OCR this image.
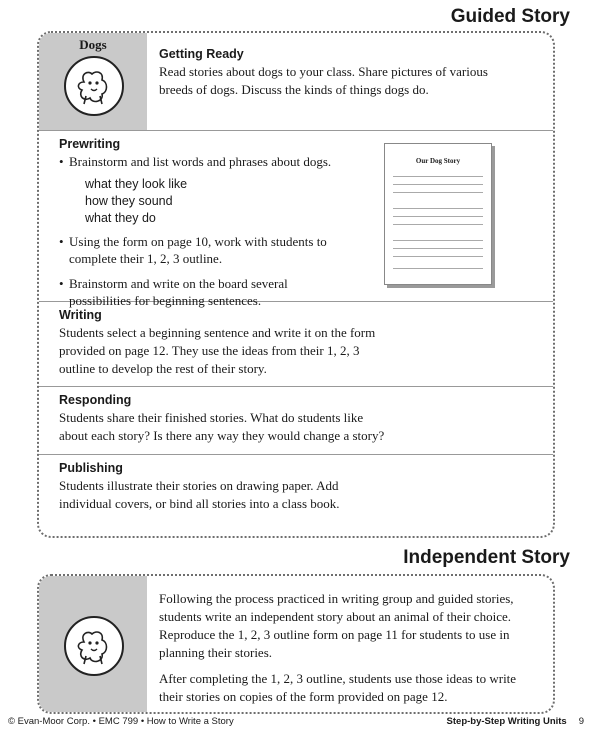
Guided Story
Dogs
Getting Ready

Read stories about dogs to your class. Share pictures of various breeds of dogs. Discuss the kinds of things dogs do.

Prewriting
• Brainstorm and list words and phrases about dogs.
what they look like
how they sound
what they do
• Using the form on page 10, work with students to complete their 1, 2, 3 outline.
• Brainstorm and write on the board several possibilities for beginning sentences.
Our Dog Story
Writing

Students select a beginning sentence and write it on the form provided on page 12. They use the ideas from their 1, 2, 3 outline to develop the rest of their story.

Responding

Students share their finished stories. What do students like about each story? Is there any way they would change a story?

Publishing

Students illustrate their stories on drawing paper. Add individual covers, or bind all stories into a class book.

Independent Story

Following the process practiced in writing group and guided stories, students write an independent story about an animal of their choice. Reproduce the 1, 2, 3 outline form on page 11 for students to use in planning their stories.

After completing the 1, 2, 3 outline, students use those ideas to write their stories on copies of the form provided on page 12.

© Evan-Moor Corp. • EMC 799 • How to Write a Story	Step-by-Step Writing Units 9
